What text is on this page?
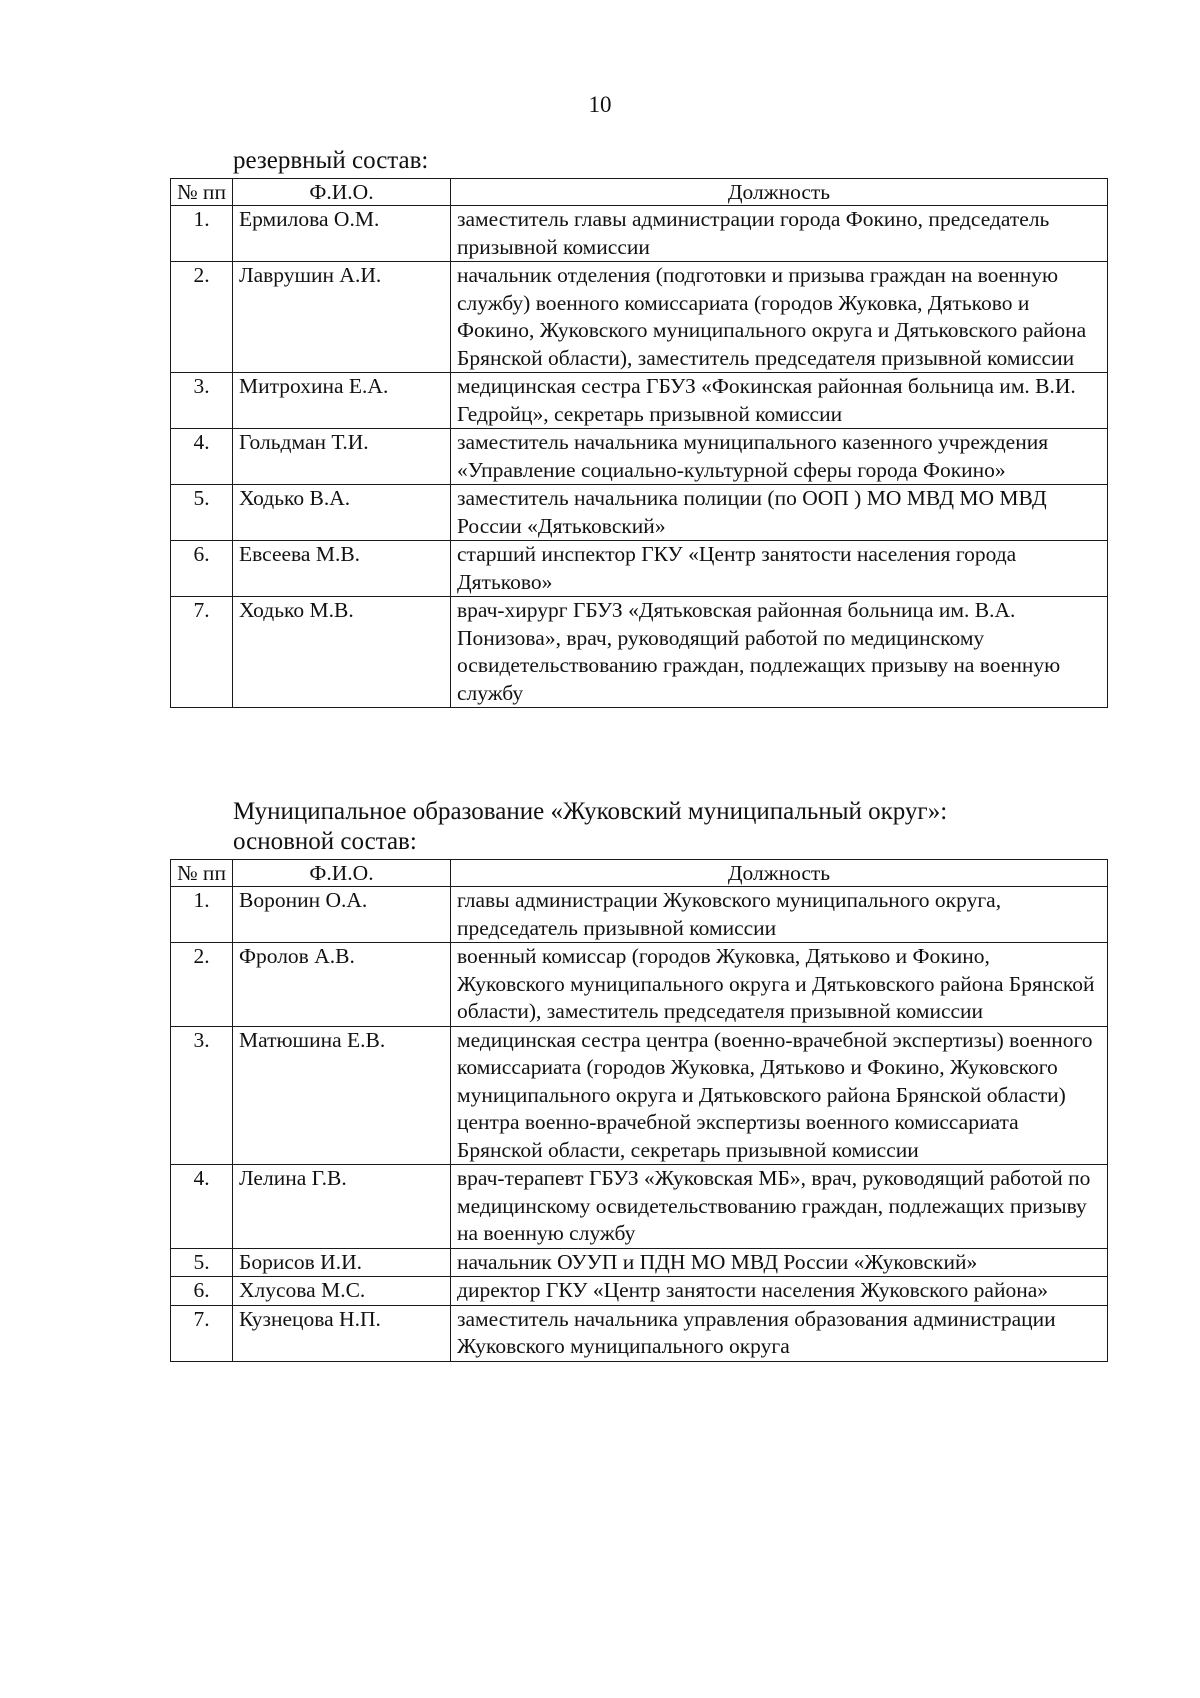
10
резервный состав:
№ пп	Ф.И.О.	Должность
1.	Ермилова О.М.	заместитель главы администрации города Фокино, председатель призывной комиссии
2.	Лаврушин А.И.	начальник отделения (подготовки и призыва граждан на военную службу) военного комиссариата (городов Жуковка, Дятьково и Фокино, Жуковского муниципального округа и Дятьковского района Брянской области), заместитель председателя призывной комиссии
3.	Митрохина Е.А.	медицинская сестра ГБУЗ «Фокинская районная больница им. В.И. Гедройц», секретарь призывной комиссии
4.	Гольдман Т.И.	заместитель начальника муниципального казенного учреждения «Управление социально-культурной сферы города Фокино»
5.	Ходько В.А.	заместитель начальника полиции (по ООП ) МО МВД МО МВД России «Дятьковский»
6.	Евсеева М.В.	старший инспектор ГКУ «Центр занятости населения города Дятьково»
7.	Ходько М.В.	врач-хирург ГБУЗ «Дятьковская районная больница им. В.А. Понизова», врач, руководящий работой по медицинскому освидетельствованию граждан, подлежащих призыву на военную службу
Муниципальное образование «Жуковский муниципальный округ»:
основной состав:
№ пп	Ф.И.О.	Должность
1.	Воронин О.А.	главы администрации Жуковского муниципального округа, председатель призывной комиссии
2.	Фролов А.В.	военный комиссар (городов Жуковка, Дятьково и Фокино, Жуковского муниципального округа и Дятьковского района Брянской области), заместитель председателя призывной комиссии
3.	Матюшина Е.В.	медицинская сестра центра (военно-врачебной экспертизы) военного комиссариата (городов Жуковка, Дятьково и Фокино, Жуковского муниципального округа и Дятьковского района Брянской области) центра военно-врачебной экспертизы военного комиссариата Брянской области, секретарь призывной комиссии
4.	Лелина Г.В.	врач-терапевт ГБУЗ «Жуковская МБ», врач, руководящий работой по медицинскому освидетельствованию граждан, подлежащих призыву на военную службу
5.	Борисов И.И.	начальник ОУУП и ПДН МО МВД России «Жуковский»
6.	Хлусова М.С.	директор ГКУ «Центр занятости населения Жуковского района»
7.	Кузнецова Н.П.	заместитель начальника управления образования администрации Жуковского муниципального округа
